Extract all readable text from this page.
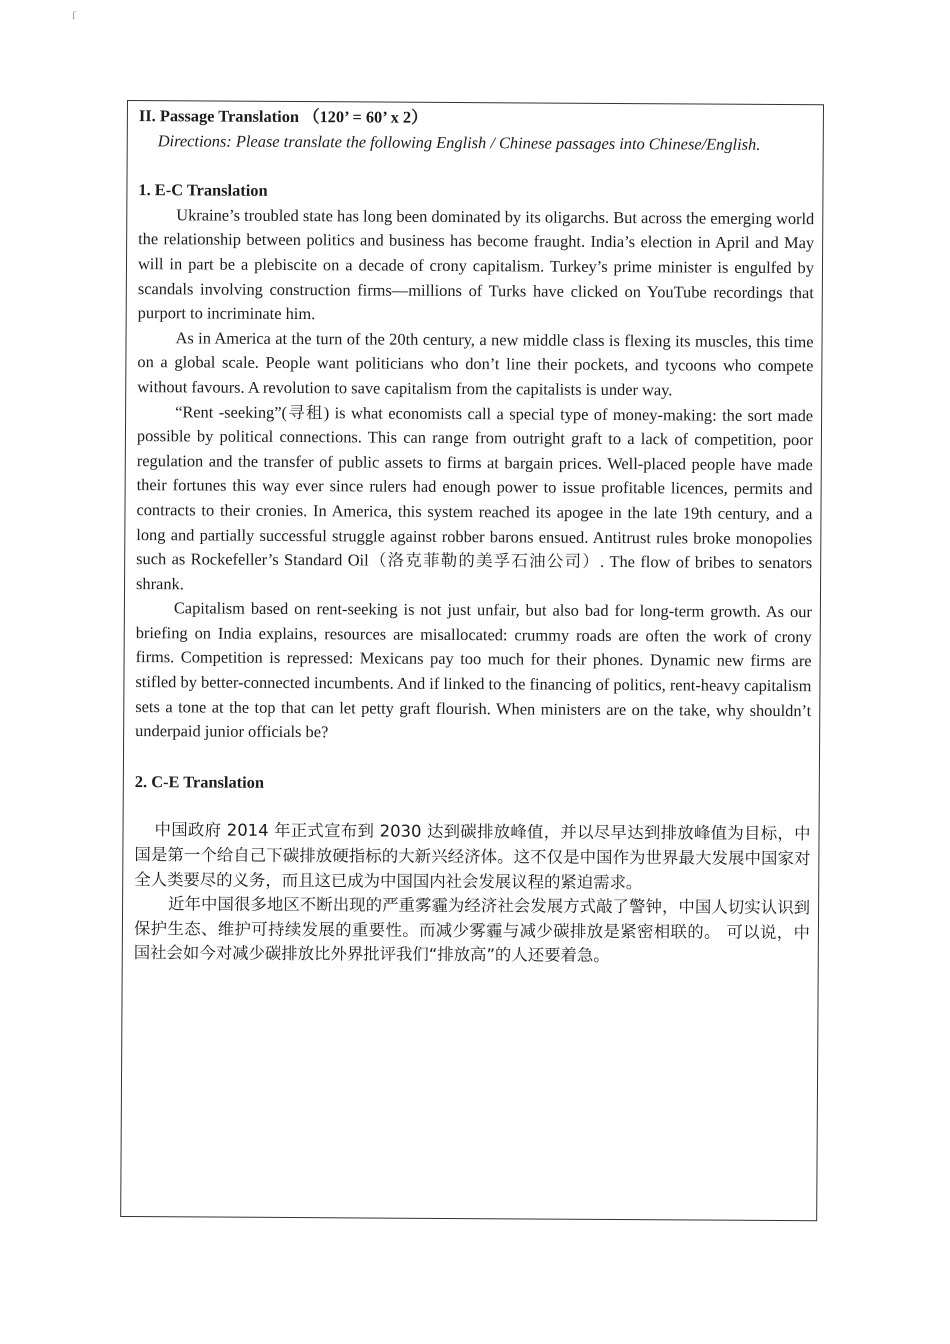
ſ

II. Passage Translation （120’ = 60’ x 2）

Directions: Please translate the following English / Chinese passages into Chinese/English.

1. E-C Translation

Ukraine’s troubled state has long been dominated by its oligarchs. But across the emerging world the relationship between politics and business has become fraught. India’s election in April and May will in part be a plebiscite on a decade of crony capitalism. Turkey’s prime minister is engulfed by scandals involving construction firms—millions of Turks have clicked on YouTube recordings that purport to incriminate him.

As in America at the turn of the 20th century, a new middle class is flexing its muscles, this time on a global scale. People want politicians who don’t line their pockets, and tycoons who compete without favours. A revolution to save capitalism from the capitalists is under way.

“Rent -seeking”(寻租) is what economists call a special type of money-making: the sort made possible by political connections. This can range from outright graft to a lack of competition, poor regulation and the transfer of public assets to firms at bargain prices. Well-placed people have made their fortunes this way ever since rulers had enough power to issue profitable licences, permits and contracts to their cronies. In America, this system reached its apogee in the late 19th century, and a long and partially successful struggle against robber barons ensued. Antitrust rules broke monopolies such as Rockefeller’s Standard Oil（洛克菲勒的美孚石油公司）. The flow of bribes to senators shrank.

Capitalism based on rent-seeking is not just unfair, but also bad for long-term growth. As our briefing on India explains, resources are misallocated: crummy roads are often the work of crony firms. Competition is repressed: Mexicans pay too much for their phones. Dynamic new firms are stifled by better-connected incumbents. And if linked to the financing of politics, rent-heavy capitalism sets a tone at the top that can let petty graft flourish. When ministers are on the take, why shouldn’t underpaid junior officials be?

2. C-E Translation

中国政府 2014 年正式宣布到 2030 达到碳排放峰值，并以尽早达到排放峰值为目标，中国是第一个给自己下碳排放硬指标的大新兴经济体。这不仅是中国作为世界最大发展中国家对全人类要尽的义务，而且这已成为中国国内社会发展议程的紧迫需求。

近年中国很多地区不断出现的严重雾霾为经济社会发展方式敲了警钟，中国人切实认识到保护生态、维护可持续发展的重要性。而减少雾霾与减少碳排放是紧密相联的。 可以说，中国社会如今对减少碳排放比外界批评我们“排放高”的人还要着急。
